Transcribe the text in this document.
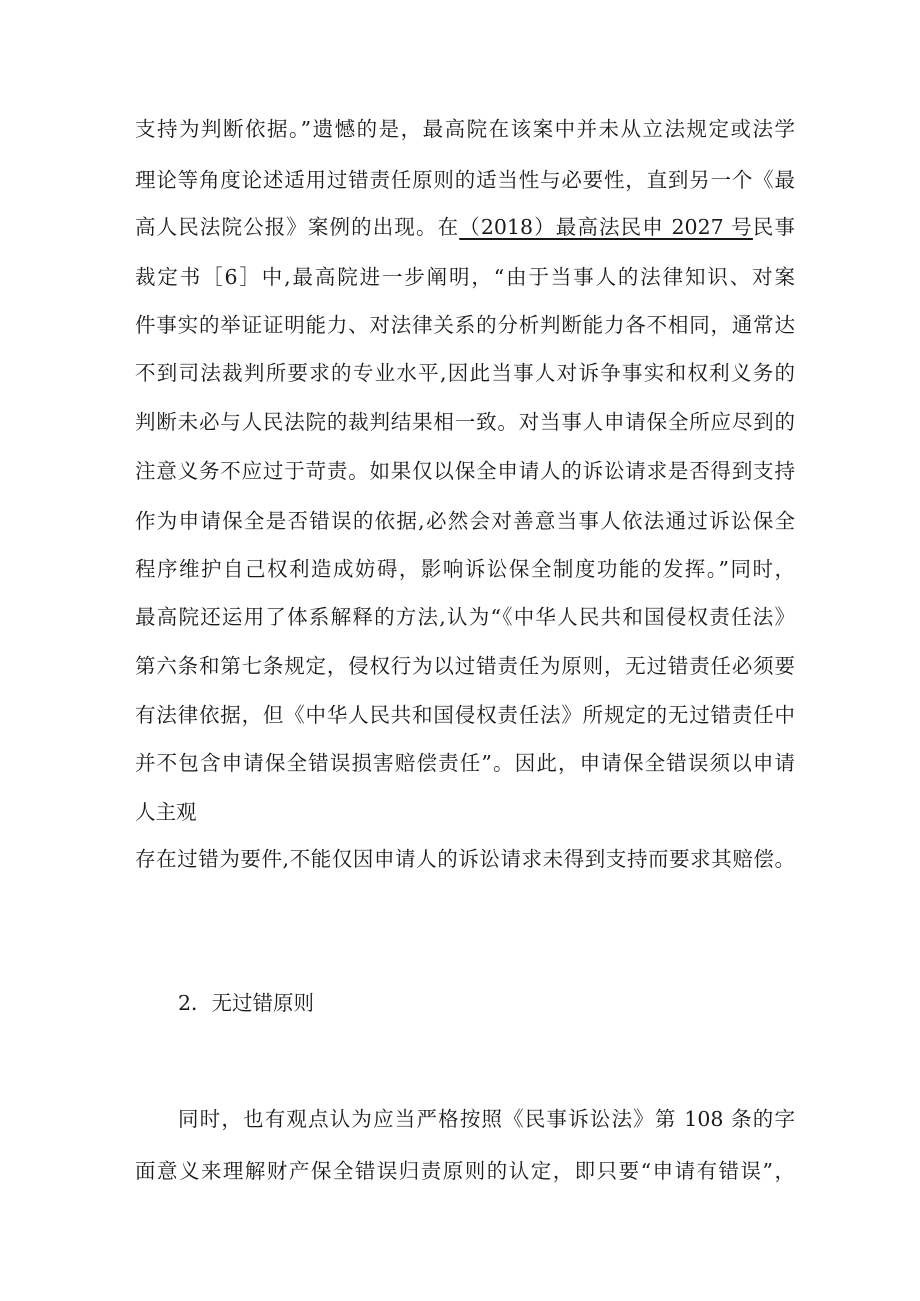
支持为判断依据。”遗憾的是，最高院在该案中并未从立法规定或法学
理论等角度论述适用过错责任原则的适当性与必要性，直到另一个《最
高人民法院公报》案例的出现。在（2018）最高法民申 2027 号民事
裁定书［6］中,最高院进一步阐明，“由于当事人的法律知识、对案
件事实的举证证明能力、对法律关系的分析判断能力各不相同，通常达
不到司法裁判所要求的专业水平,因此当事人对诉争事实和权利义务的
判断未必与人民法院的裁判结果相一致。对当事人申请保全所应尽到的
注意义务不应过于苛责。如果仅以保全申请人的诉讼请求是否得到支持
作为申请保全是否错误的依据,必然会对善意当事人依法通过诉讼保全
程序维护自己权利造成妨碍，影响诉讼保全制度功能的发挥。”同时，
最高院还运用了体系解释的方法,认为“《中华人民共和国侵权责任法》
第六条和第七条规定，侵权行为以过错责任为原则，无过错责任必须要
有法律依据，但《中华人民共和国侵权责任法》所规定的无过错责任中
并不包含申请保全错误损害赔偿责任”。因此，申请保全错误须以申请
人主观
存在过错为要件,不能仅因申请人的诉讼请求未得到支持而要求其赔偿。
2．无过错原则
同时，也有观点认为应当严格按照《民事诉讼法》第 108 条的字
面意义来理解财产保全错误归责原则的认定，即只要“申请有错误”，
